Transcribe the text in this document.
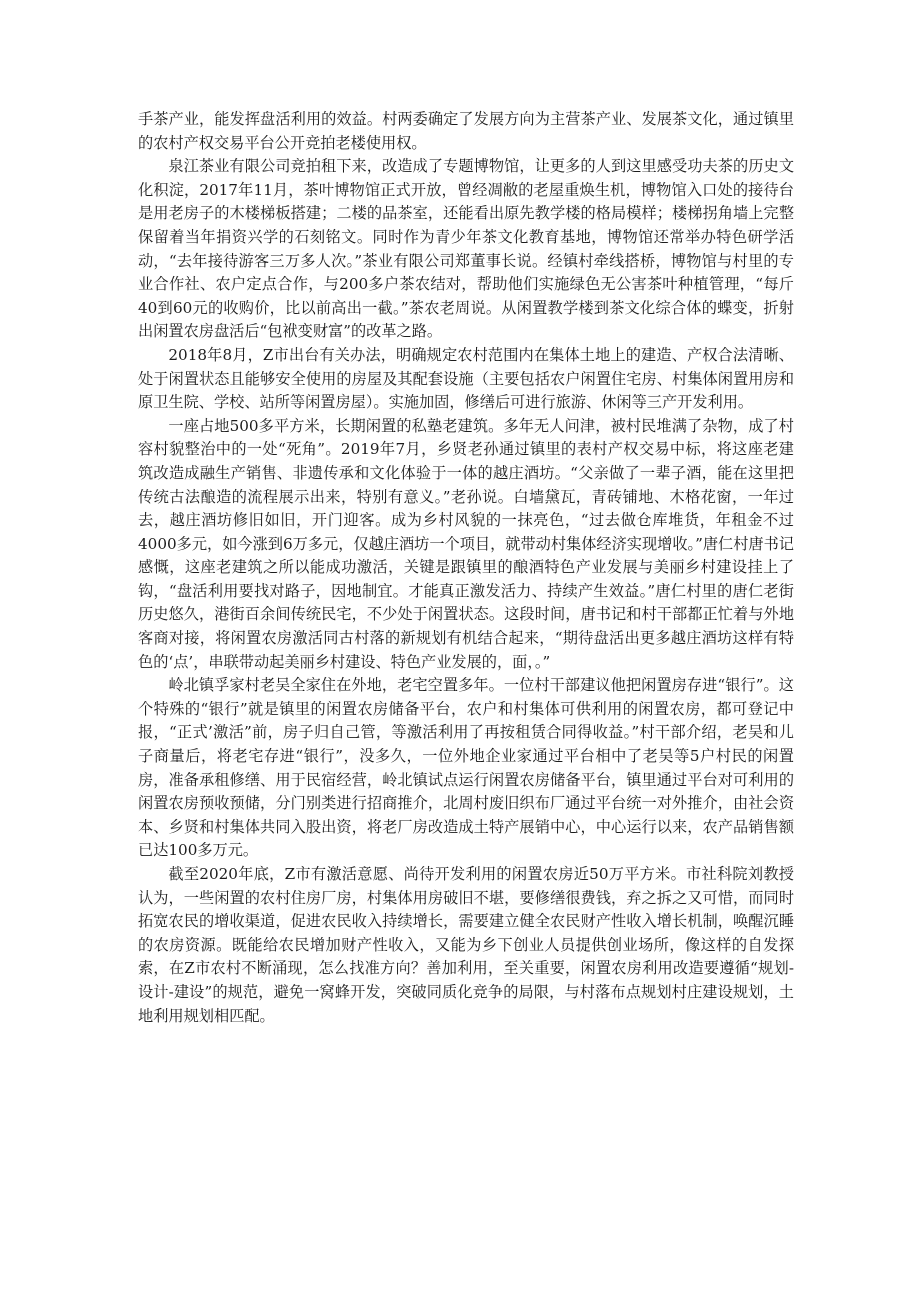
手茶产业，能发挥盘活利用的效益。村两委确定了发展方向为主营茶产业、发展茶文化，通过镇里的农村产权交易平台公开竞拍老楼使用权。

泉江茶业有限公司竞拍租下来，改造成了专题博物馆，让更多的人到这里感受功夫茶的历史文化积淀，2017年11月，茶叶博物馆正式开放，曾经凋敝的老屋重焕生机，博物馆入口处的接待台是用老房子的木楼梯板搭建；二楼的品茶室，还能看出原先教学楼的格局模样；楼梯拐角墙上完整保留着当年捐资兴学的石刻铭文。同时作为青少年茶文化教育基地，博物馆还常举办特色研学活动，“去年接待游客三万多人次。”茶业有限公司郑董事长说。经镇村牵线搭桥，博物馆与村里的专业合作社、农户定点合作，与200多户茶农结对，帮助他们实施绿色无公害茶叶种植管理，“每斤40到60元的收购价，比以前高出一截。”茶农老周说。从闲置教学楼到茶文化综合体的蝶变，折射出闲置农房盘活后“包袱变财富”的改革之路。

2018年8月，Z市出台有关办法，明确规定农村范围内在集体土地上的建造、产权合法清晰、处于闲置状态且能够安全使用的房屋及其配套设施（主要包括农户闲置住宅房、村集体闲置用房和原卫生院、学校、站所等闲置房屋）。实施加固，修缮后可进行旅游、休闲等三产开发利用。

一座占地500多平方米，长期闲置的私塾老建筑。多年无人问津，被村民堆满了杂物，成了村容村貌整治中的一处“死角”。2019年7月，乡贤老孙通过镇里的表村产权交易中标，将这座老建筑改造成融生产销售、非遗传承和文化体验于一体的越庄酒坊。“父亲做了一辈子酒，能在这里把传统古法酿造的流程展示出来，特别有意义。”老孙说。白墙黛瓦，青砖铺地、木格花窗，一年过去，越庄酒坊修旧如旧，开门迎客。成为乡村风貌的一抹亮色，“过去做仓库堆货，年租金不过4000多元，如今涨到6万多元，仅越庄酒坊一个项目，就带动村集体经济实现增收。”唐仁村唐书记感慨，这座老建筑之所以能成功激活，关键是跟镇里的酿酒特色产业发展与美丽乡村建设挂上了钩，“盘活利用要找对路子，因地制宜。才能真正激发活力、持续产生效益。”唐仁村里的唐仁老街历史悠久，港街百余间传统民宅，不少处于闲置状态。这段时间，唐书记和村干部都正忙着与外地客商对接，将闲置农房激活同古村落的新规划有机结合起来，“期待盘活出更多越庄酒坊这样有特色的‘点’，串联带动起美丽乡村建设、特色产业发展的，面，。”

岭北镇孚家村老吴全家住在外地，老宅空置多年。一位村干部建议他把闲置房存进“银行”。这个特殊的“银行”就是镇里的闲置农房储备平台，农户和村集体可供利用的闲置农房，都可登记中报，“正式’激活”前，房子归自己管，等激活利用了再按租赁合同得收益。”村干部介绍，老吴和儿子商量后，将老宅存进“银行”，没多久，一位外地企业家通过平台相中了老吴等5户村民的闲置房，准备承租修缮、用于民宿经营，岭北镇试点运行闲置农房储备平台，镇里通过平台对可利用的闲置农房预收预储，分门别类进行招商推介，北周村废旧织布厂通过平台统一对外推介，由社会资本、乡贤和村集体共同入股出资，将老厂房改造成土特产展销中心，中心运行以来，农产品销售额已达100多万元。

截至2020年底，Z市有激活意愿、尚待开发利用的闲置农房近50万平方米。市社科院刘教授认为，一些闲置的农村住房厂房，村集体用房破旧不堪，要修缮很费钱，弃之拆之又可惜，而同时拓宽农民的增收渠道，促进农民收入持续增长，需要建立健全农民财产性收入增长机制，唤醒沉睡的农房资源。既能给农民增加财产性收入，又能为乡下创业人员提供创业场所，像这样的自发探索，在Z市农村不断涌现，怎么找准方向？善加利用，至关重要，闲置农房利用改造要遵循“规划-设计-建设”的规范，避免一窝蜂开发，突破同质化竞争的局限，与村落布点规划村庄建设规划，土地利用规划相匹配。
